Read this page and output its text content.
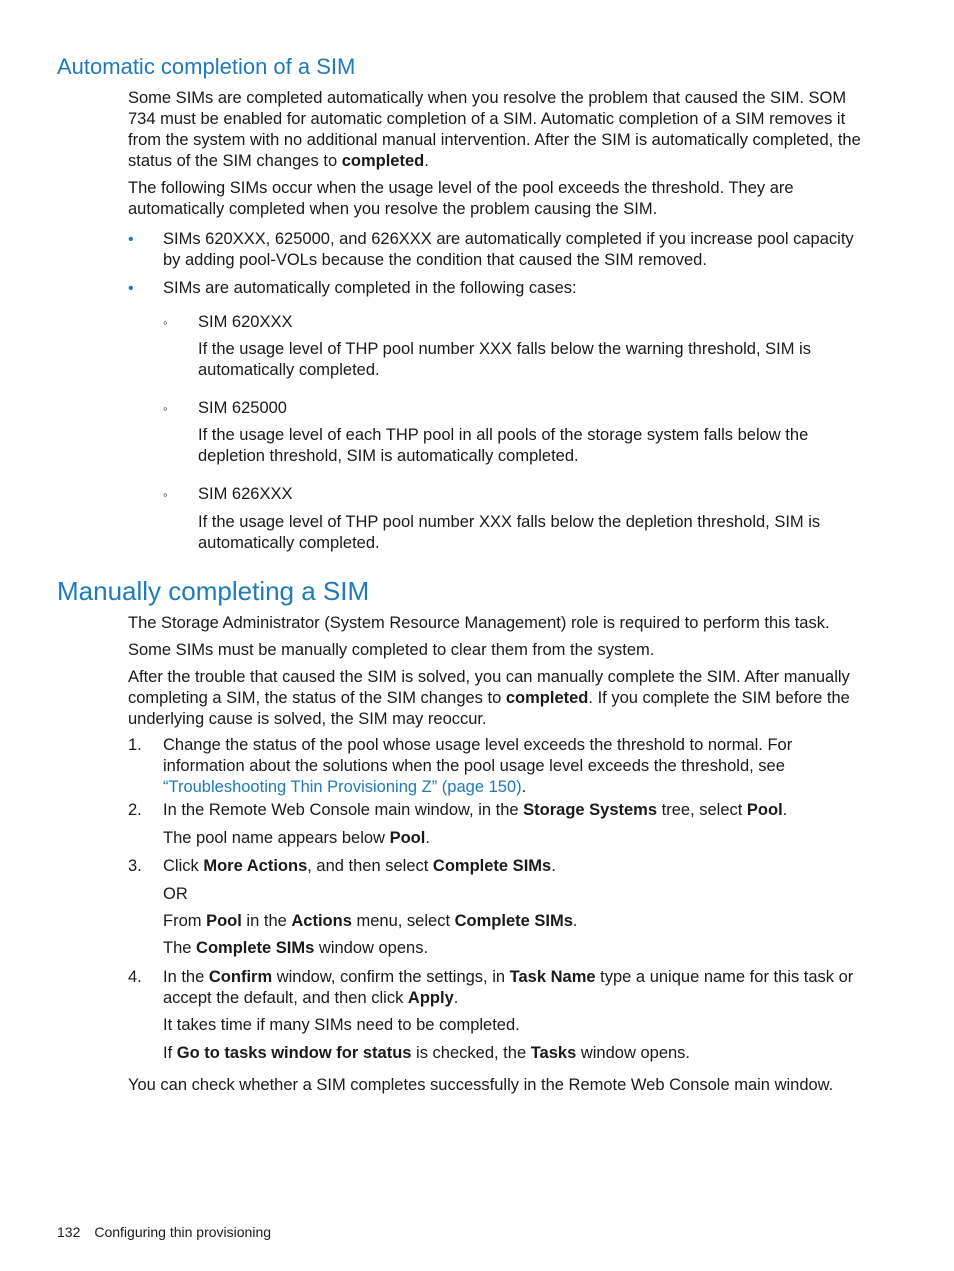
Automatic completion of a SIM

Some SIMs are completed automatically when you resolve the problem that caused the SIM. SOM 734 must be enabled for automatic completion of a SIM. Automatic completion of a SIM removes it from the system with no additional manual intervention. After the SIM is automatically completed, the status of the SIM changes to completed.

The following SIMs occur when the usage level of the pool exceeds the threshold. They are automatically completed when you resolve the problem causing the SIM.

• SIMs 620XXX, 625000, and 626XXX are automatically completed if you increase pool capacity by adding pool-VOLs because the condition that caused the SIM removed.

• SIMs are automatically completed in the following cases:

◦ SIM 620XXX

If the usage level of THP pool number XXX falls below the warning threshold, SIM is automatically completed.

◦ SIM 625000

If the usage level of each THP pool in all pools of the storage system falls below the depletion threshold, SIM is automatically completed.

◦ SIM 626XXX

If the usage level of THP pool number XXX falls below the depletion threshold, SIM is automatically completed.

Manually completing a SIM

The Storage Administrator (System Resource Management) role is required to perform this task.

Some SIMs must be manually completed to clear them from the system.

After the trouble that caused the SIM is solved, you can manually complete the SIM. After manually completing a SIM, the status of the SIM changes to completed. If you complete the SIM before the underlying cause is solved, the SIM may reoccur.

1. Change the status of the pool whose usage level exceeds the threshold to normal. For information about the solutions when the pool usage level exceeds the threshold, see “Troubleshooting Thin Provisioning Z” (page 150).

2. In the Remote Web Console main window, in the Storage Systems tree, select Pool.

The pool name appears below Pool.

3. Click More Actions, and then select Complete SIMs.

OR

From Pool in the Actions menu, select Complete SIMs.

The Complete SIMs window opens.

4. In the Confirm window, confirm the settings, in Task Name type a unique name for this task or accept the default, and then click Apply.

It takes time if many SIMs need to be completed.

If Go to tasks window for status is checked, the Tasks window opens.

You can check whether a SIM completes successfully in the Remote Web Console main window.

132 Configuring thin provisioning
